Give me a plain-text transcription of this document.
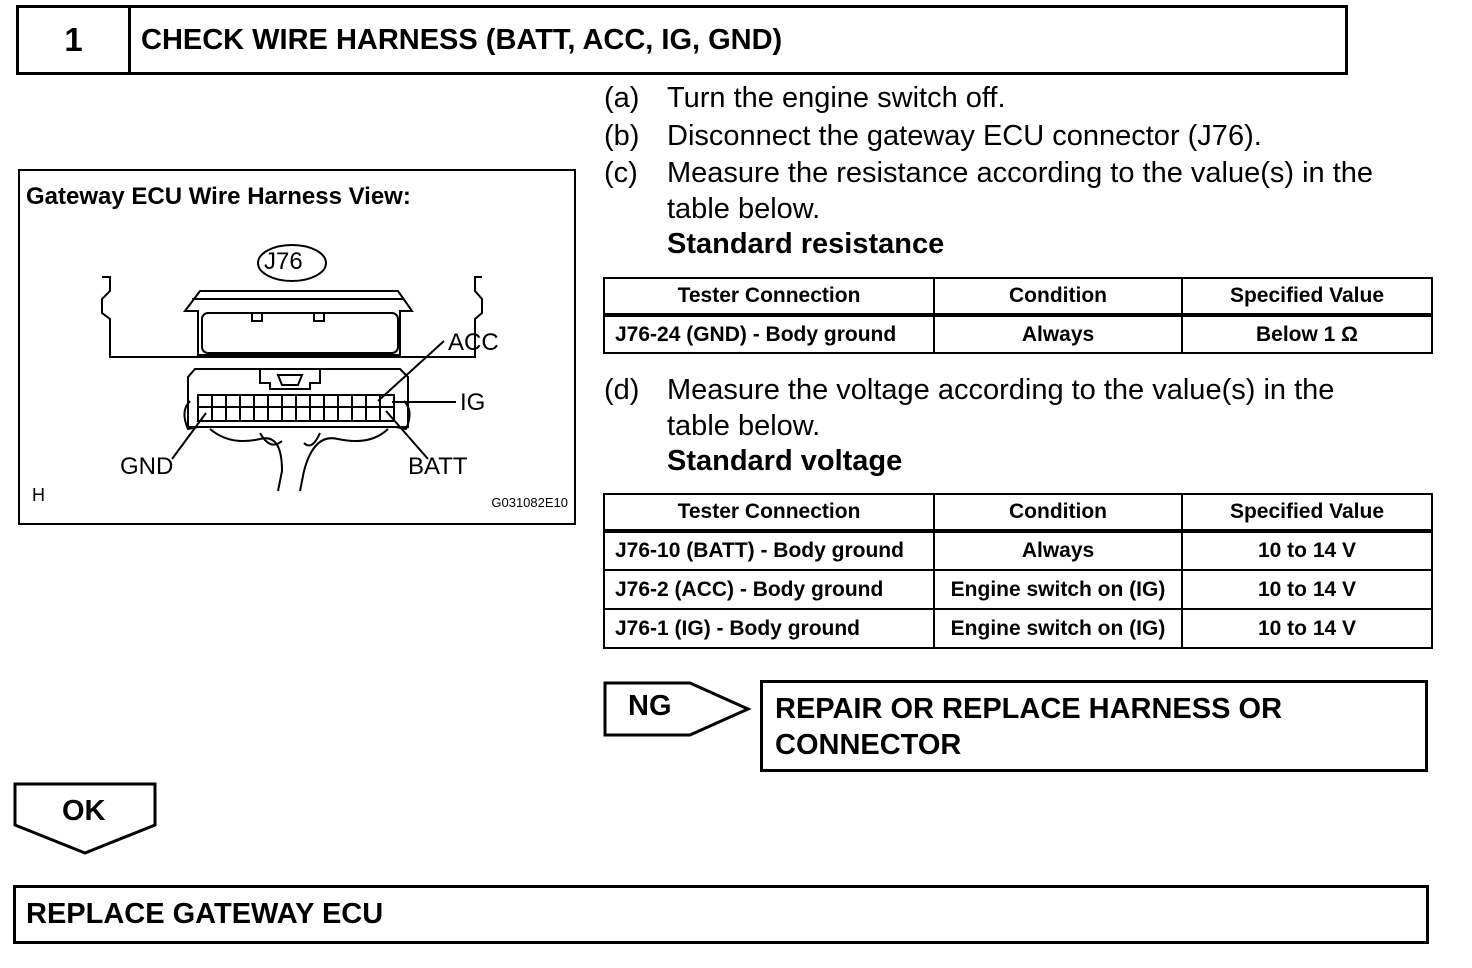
1	CHECK WIRE HARNESS (BATT, ACC, IG, GND)
Gateway ECU Wire Harness View:
J76
ACC
IG
GND	BATT
H	G031082E10
(a) Turn the engine switch off.
(b) Disconnect the gateway ECU connector (J76).
(c) Measure the resistance according to the value(s) in the
table below.
Standard resistance
Tester Connection	Condition	Specified Value
J76-24 (GND) - Body ground	Always	Below 1 Ω
(d) Measure the voltage according to the value(s) in the
table below.
Standard voltage
Tester Connection	Condition	Specified Value
J76-10 (BATT) - Body ground	Always	10 to 14 V
J76-2 (ACC) - Body ground	Engine switch on (IG)	10 to 14 V
J76-1 (IG) - Body ground	Engine switch on (IG)	10 to 14 V
NG	REPAIR OR REPLACE HARNESS OR
CONNECTOR
OK
REPLACE GATEWAY ECU
